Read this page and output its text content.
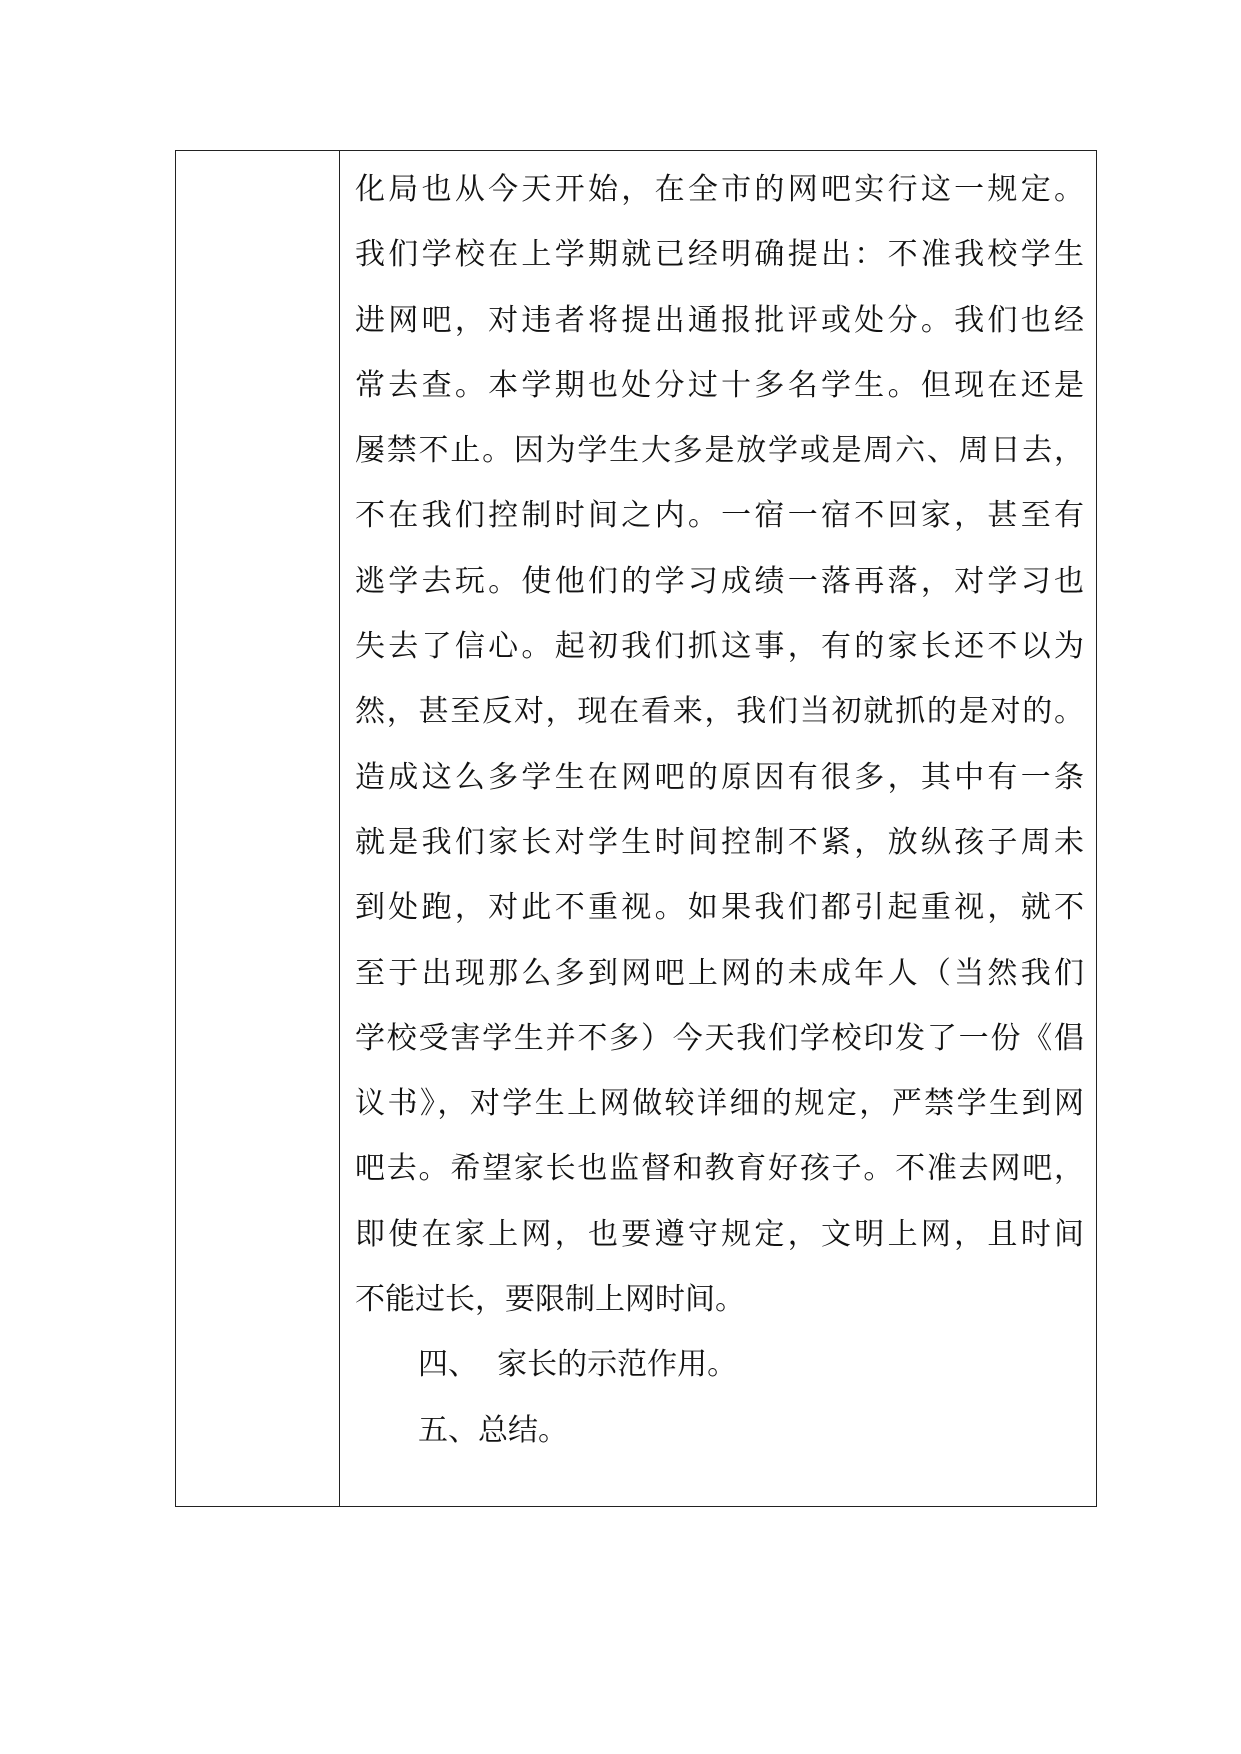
化局也从今天开始，在全市的网吧实行这一规定。
我们学校在上学期就已经明确提出：不准我校学生
进网吧，对违者将提出通报批评或处分。我们也经
常去查。本学期也处分过十多名学生。但现在还是
屡禁不止。因为学生大多是放学或是周六、周日去，
不在我们控制时间之内。一宿一宿不回家，甚至有
逃学去玩。使他们的学习成绩一落再落，对学习也
失去了信心。起初我们抓这事，有的家长还不以为
然，甚至反对，现在看来，我们当初就抓的是对的。
造成这么多学生在网吧的原因有很多，其中有一条
就是我们家长对学生时间控制不紧，放纵孩子周未
到处跑，对此不重视。如果我们都引起重视，就不
至于出现那么多到网吧上网的未成年人（当然我们
学校受害学生并不多）今天我们学校印发了一份《倡
议书》，对学生上网做较详细的规定，严禁学生到网
吧去。希望家长也监督和教育好孩子。不准去网吧，
即使在家上网，也要遵守规定，文明上网，且时间
不能过长，要限制上网时间。
四、  家长的示范作用。
五、总结。
